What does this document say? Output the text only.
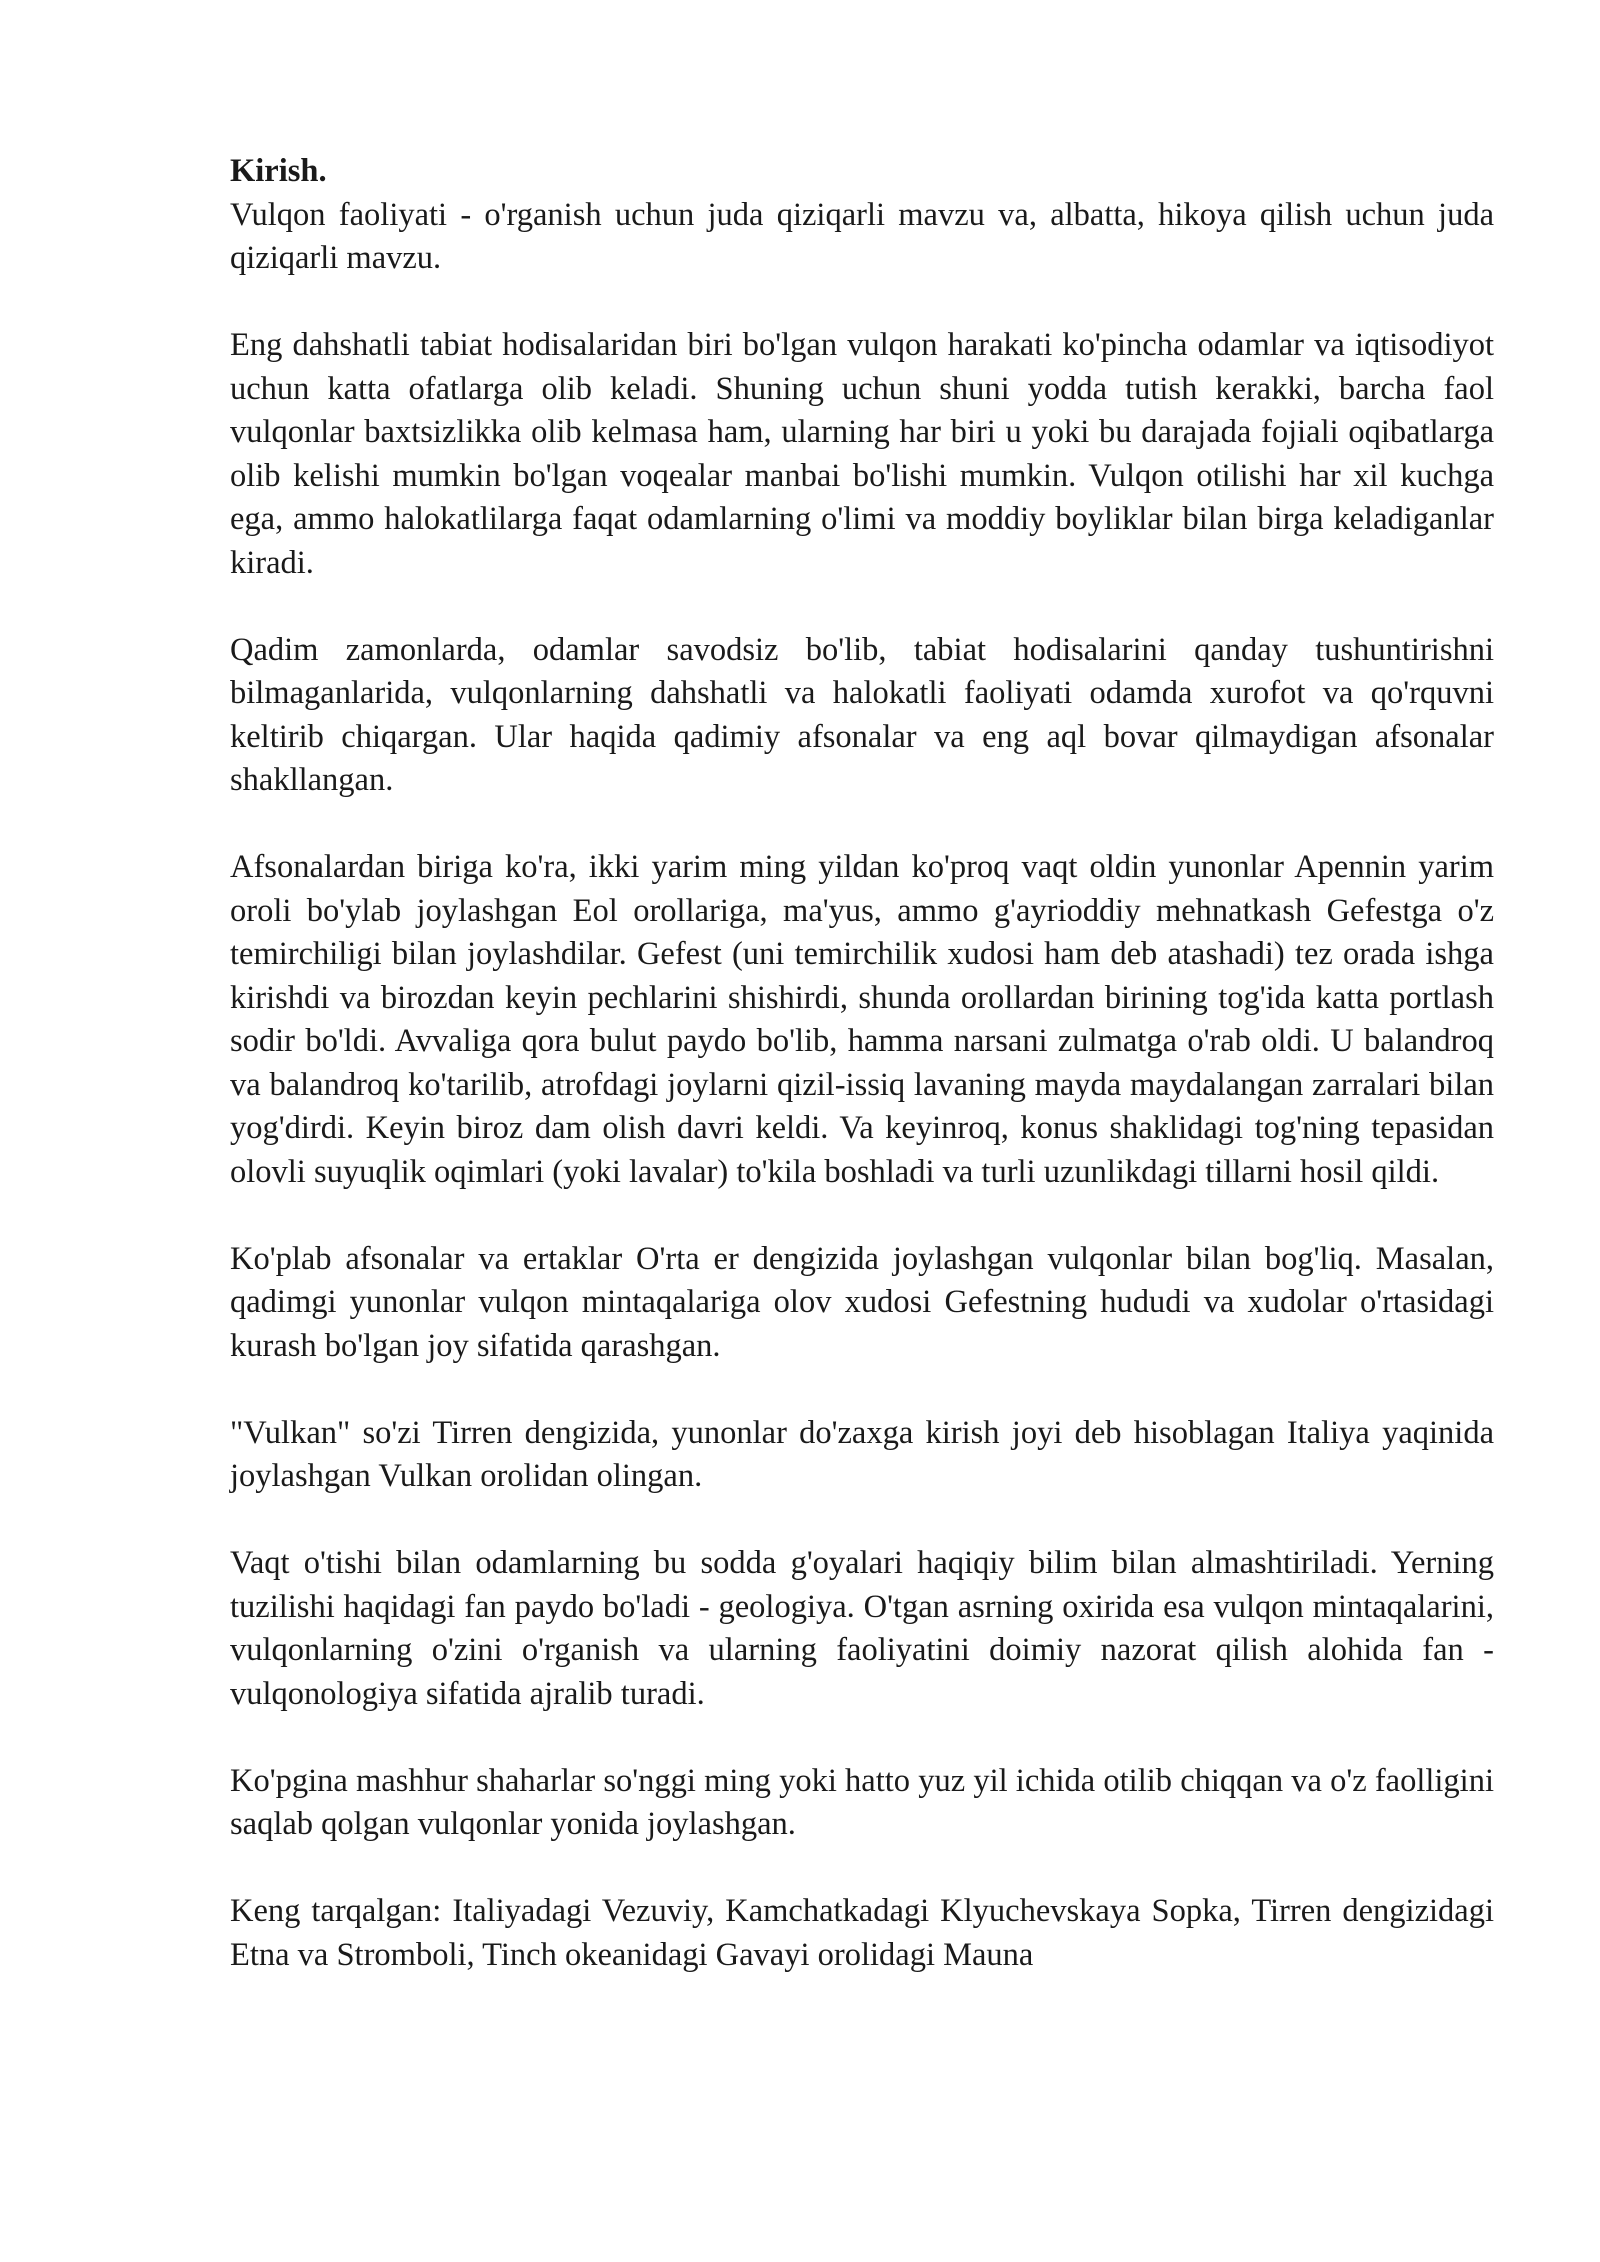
Kirish.

Vulqon faoliyati - o'rganish uchun juda qiziqarli mavzu va, albatta, hikoya qilish uchun juda qiziqarli mavzu.

Eng dahshatli tabiat hodisalaridan biri bo'lgan vulqon harakati ko'pincha odamlar va iqtisodiyot uchun katta ofatlarga olib keladi. Shuning uchun shuni yodda tutish kerakki, barcha faol vulqonlar baxtsizlikka olib kelmasa ham, ularning har biri u yoki bu darajada fojiali oqibatlarga olib kelishi mumkin bo'lgan voqealar manbai bo'lishi mumkin. Vulqon otilishi har xil kuchga ega, ammo halokatlilarga faqat odamlarning o'limi va moddiy boyliklar bilan birga keladiganlar kiradi.

Qadim zamonlarda, odamlar savodsiz bo'lib, tabiat hodisalarini qanday tushuntirishni bilmaganlarida, vulqonlarning dahshatli va halokatli faoliyati odamda xurofot va qo'rquvni keltirib chiqargan. Ular haqida qadimiy afsonalar va eng aql bovar qilmaydigan afsonalar shakllangan.

Afsonalardan biriga ko'ra, ikki yarim ming yildan ko'proq vaqt oldin yunonlar Apennin yarim oroli bo'ylab joylashgan Eol orollariga, ma'yus, ammo g'ayrioddiy mehnatkash Gefestga o'z temirchiligi bilan joylashdilar. Gefest (uni temirchilik xudosi ham deb atashadi) tez orada ishga kirishdi va birozdan keyin pechlarini shishirdi, shunda orollardan birining tog'ida katta portlash sodir bo'ldi. Avvaliga qora bulut paydo bo'lib, hamma narsani zulmatga o'rab oldi. U balandroq va balandroq ko'tarilib, atrofdagi joylarni qizil-issiq lavaning mayda maydalangan zarralari bilan yog'dirdi. Keyin biroz dam olish davri keldi. Va keyinroq, konus shaklidagi tog'ning tepasidan olovli suyuqlik oqimlari (yoki lavalar) to'kila boshladi va turli uzunlikdagi tillarni hosil qildi.

Ko'plab afsonalar va ertaklar O'rta er dengizida joylashgan vulqonlar bilan bog'liq. Masalan, qadimgi yunonlar vulqon mintaqalariga olov xudosi Gefestning hududi va xudolar o'rtasidagi kurash bo'lgan joy sifatida qarashgan.

"Vulkan" so'zi Tirren dengizida, yunonlar do'zaxga kirish joyi deb hisoblagan Italiya yaqinida joylashgan Vulkan orolidan olingan.

Vaqt o'tishi bilan odamlarning bu sodda g'oyalari haqiqiy bilim bilan almashtiriladi. Yerning tuzilishi haqidagi fan paydo bo'ladi - geologiya. O'tgan asrning oxirida esa vulqon mintaqalarini, vulqonlarning o'zini o'rganish va ularning faoliyatini doimiy nazorat qilish alohida fan - vulqonologiya sifatida ajralib turadi.

Ko'pgina mashhur shaharlar so'nggi ming yoki hatto yuz yil ichida otilib chiqqan va o'z faolligini saqlab qolgan vulqonlar yonida joylashgan.

Keng tarqalgan: Italiyadagi Vezuviy, Kamchatkadagi Klyuchevskaya Sopka, Tirren dengizidagi Etna va Stromboli, Tinch okeanidagi Gavayi orolidagi Mauna
